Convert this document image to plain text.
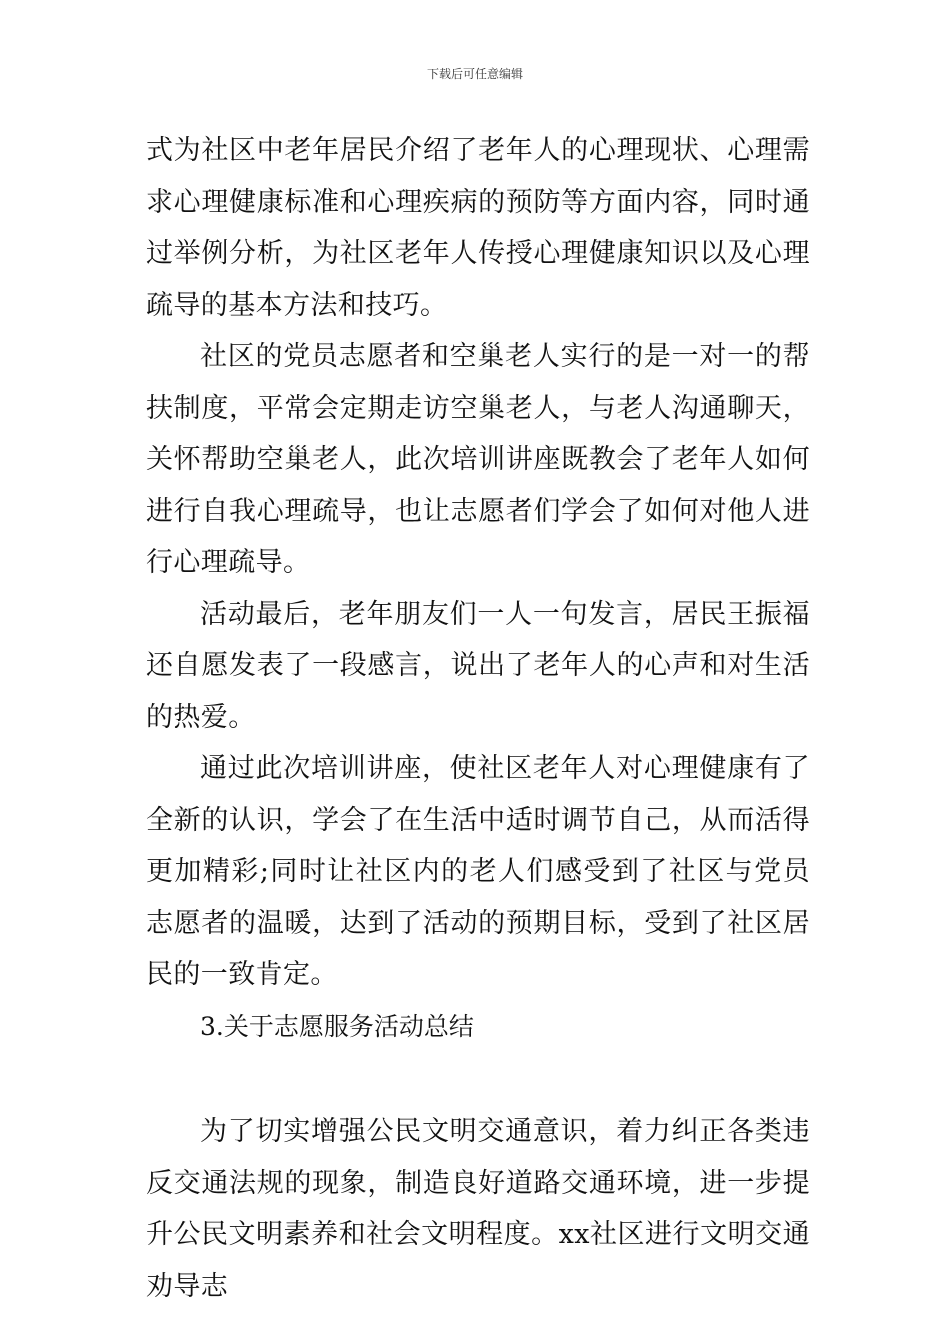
下载后可任意编辑

式为社区中老年居民介绍了老年人的心理现状、心理需求心理健康标准和心理疾病的预防等方面内容，同时通过举例分析，为社区老年人传授心理健康知识以及心理疏导的基本方法和技巧。

社区的党员志愿者和空巢老人实行的是一对一的帮扶制度，平常会定期走访空巢老人，与老人沟通聊天，关怀帮助空巢老人，此次培训讲座既教会了老年人如何进行自我心理疏导，也让志愿者们学会了如何对他人进行心理疏导。

活动最后，老年朋友们一人一句发言，居民王振福还自愿发表了一段感言，说出了老年人的心声和对生活的热爱。

通过此次培训讲座，使社区老年人对心理健康有了全新的认识，学会了在生活中适时调节自己，从而活得更加精彩;同时让社区内的老人们感受到了社区与党员志愿者的温暖，达到了活动的预期目标，受到了社区居民的一致肯定。

3.关于志愿服务活动总结

为了切实增强公民文明交通意识，着力纠正各类违反交通法规的现象，制造良好道路交通环境，进一步提升公民文明素养和社会文明程度。xx社区进行文明交通劝导志
